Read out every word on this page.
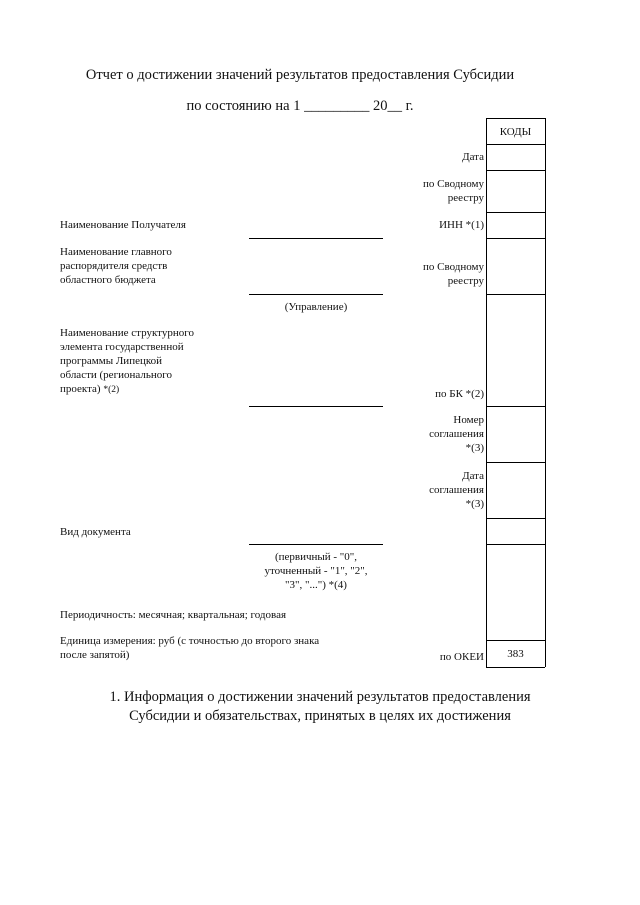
Отчет о достижении значений результатов предоставления Субсидии
по состоянию на 1 _________ 20__ г.
КОДЫ
383
Дата
по Сводному
реестру
ИНН *(1)
по Сводному
реестру
по БК *(2)
Номер
соглашения
*(3)
Дата
соглашения
*(3)
по ОКЕИ
Наименование Получателя
Наименование главного
распорядителя средств
областного бюджета
Наименование структурного
элемента государственной
программы Липецкой
области (регионального
проекта) *(2)
Вид документа
Периодичность: месячная; квартальная; годовая
Единица измерения: руб (с точностью до второго знака
после запятой)
(Управление)
(первичный - "0",
уточненный - "1", "2",
"3", "...") *(4)
1. Информация о достижении значений результатов предоставления
Субсидии и обязательствах, принятых в целях их достижения
